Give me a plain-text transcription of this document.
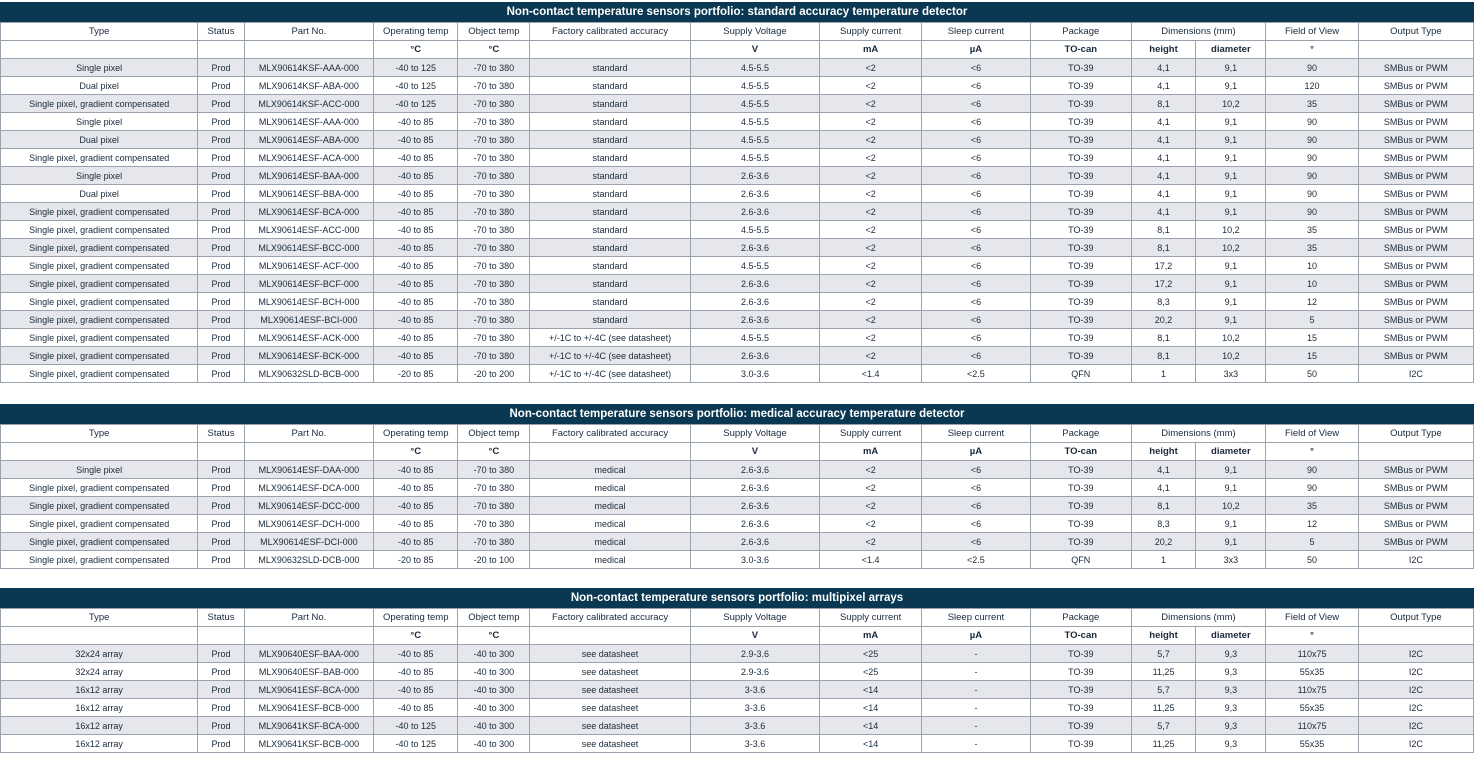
Non-contact temperature sensors portfolio: standard accuracy temperature detector
Type	Status	Part No.	Operating temp	Object temp	Factory calibrated accuracy	Supply Voltage	Supply current	Sleep current	Package	Dimensions (mm)		Field of View	Output Type
			°C	°C		V	mA	µA	TO-can	height	diameter	°	
Single pixel	Prod	MLX90614KSF-AAA-000	-40 to 125	-70 to 380	standard	4.5-5.5	<2	<6	TO-39	4,1	9,1	90	SMBus or PWM
Dual pixel	Prod	MLX90614KSF-ABA-000	-40 to 125	-70 to 380	standard	4.5-5.5	<2	<6	TO-39	4,1	9,1	120	SMBus or PWM
Single pixel, gradient compensated	Prod	MLX90614KSF-ACC-000	-40 to 125	-70 to 380	standard	4.5-5.5	<2	<6	TO-39	8,1	10,2	35	SMBus or PWM
Single pixel	Prod	MLX90614ESF-AAA-000	-40 to 85	-70 to 380	standard	4.5-5.5	<2	<6	TO-39	4,1	9,1	90	SMBus or PWM
Dual pixel	Prod	MLX90614ESF-ABA-000	-40 to 85	-70 to 380	standard	4.5-5.5	<2	<6	TO-39	4,1	9,1	90	SMBus or PWM
Single pixel, gradient compensated	Prod	MLX90614ESF-ACA-000	-40 to 85	-70 to 380	standard	4.5-5.5	<2	<6	TO-39	4,1	9,1	90	SMBus or PWM
Single pixel	Prod	MLX90614ESF-BAA-000	-40 to 85	-70 to 380	standard	2.6-3.6	<2	<6	TO-39	4,1	9,1	90	SMBus or PWM
Dual pixel	Prod	MLX90614ESF-BBA-000	-40 to 85	-70 to 380	standard	2.6-3.6	<2	<6	TO-39	4,1	9,1	90	SMBus or PWM
Single pixel, gradient compensated	Prod	MLX90614ESF-BCA-000	-40 to 85	-70 to 380	standard	2.6-3.6	<2	<6	TO-39	4,1	9,1	90	SMBus or PWM
Single pixel, gradient compensated	Prod	MLX90614ESF-ACC-000	-40 to 85	-70 to 380	standard	4.5-5.5	<2	<6	TO-39	8,1	10,2	35	SMBus or PWM
Single pixel, gradient compensated	Prod	MLX90614ESF-BCC-000	-40 to 85	-70 to 380	standard	2.6-3.6	<2	<6	TO-39	8,1	10,2	35	SMBus or PWM
Single pixel, gradient compensated	Prod	MLX90614ESF-ACF-000	-40 to 85	-70 to 380	standard	4.5-5.5	<2	<6	TO-39	17,2	9,1	10	SMBus or PWM
Single pixel, gradient compensated	Prod	MLX90614ESF-BCF-000	-40 to 85	-70 to 380	standard	2.6-3.6	<2	<6	TO-39	17,2	9,1	10	SMBus or PWM
Single pixel, gradient compensated	Prod	MLX90614ESF-BCH-000	-40 to 85	-70 to 380	standard	2.6-3.6	<2	<6	TO-39	8,3	9,1	12	SMBus or PWM
Single pixel, gradient compensated	Prod	MLX90614ESF-BCI-000	-40 to 85	-70 to 380	standard	2.6-3.6	<2	<6	TO-39	20,2	9,1	5	SMBus or PWM
Single pixel, gradient compensated	Prod	MLX90614ESF-ACK-000	-40 to 85	-70 to 380	+/-1C to +/-4C (see datasheet)	4.5-5.5	<2	<6	TO-39	8,1	10,2	15	SMBus or PWM
Single pixel, gradient compensated	Prod	MLX90614ESF-BCK-000	-40 to 85	-70 to 380	+/-1C to +/-4C (see datasheet)	2.6-3.6	<2	<6	TO-39	8,1	10,2	15	SMBus or PWM
Single pixel, gradient compensated	Prod	MLX90632SLD-BCB-000	-20 to 85	-20 to 200	+/-1C to +/-4C (see datasheet)	3.0-3.6	<1.4	<2.5	QFN	1	3x3	50	I2C
Non-contact temperature sensors portfolio: medical accuracy temperature detector
Type	Status	Part No.	Operating temp	Object temp	Factory calibrated accuracy	Supply Voltage	Supply current	Sleep current	Package	Dimensions (mm)		Field of View	Output Type
			°C	°C		V	mA	µA	TO-can	height	diameter	°	
Single pixel	Prod	MLX90614ESF-DAA-000	-40 to 85	-70 to 380	medical	2.6-3.6	<2	<6	TO-39	4,1	9,1	90	SMBus or PWM
Single pixel, gradient compensated	Prod	MLX90614ESF-DCA-000	-40 to 85	-70 to 380	medical	2.6-3.6	<2	<6	TO-39	4,1	9,1	90	SMBus or PWM
Single pixel, gradient compensated	Prod	MLX90614ESF-DCC-000	-40 to 85	-70 to 380	medical	2.6-3.6	<2	<6	TO-39	8,1	10,2	35	SMBus or PWM
Single pixel, gradient compensated	Prod	MLX90614ESF-DCH-000	-40 to 85	-70 to 380	medical	2.6-3.6	<2	<6	TO-39	8,3	9,1	12	SMBus or PWM
Single pixel, gradient compensated	Prod	MLX90614ESF-DCI-000	-40 to 85	-70 to 380	medical	2.6-3.6	<2	<6	TO-39	20,2	9,1	5	SMBus or PWM
Single pixel, gradient compensated	Prod	MLX90632SLD-DCB-000	-20 to 85	-20 to 100	medical	3.0-3.6	<1.4	<2.5	QFN	1	3x3	50	I2C
Non-contact temperature sensors portfolio: multipixel arrays
Type	Status	Part No.	Operating temp	Object temp	Factory calibrated accuracy	Supply Voltage	Supply current	Sleep current	Package	Dimensions (mm)		Field of View	Output Type
			°C	°C		V	mA	µA	TO-can	height	diameter	°	
32x24 array	Prod	MLX90640ESF-BAA-000	-40 to 85	-40 to 300	see datasheet	2.9-3.6	<25	-	TO-39	5,7	9,3	110x75	I2C
32x24 array	Prod	MLX90640ESF-BAB-000	-40 to 85	-40 to 300	see datasheet	2.9-3.6	<25	-	TO-39	11,25	9,3	55x35	I2C
16x12 array	Prod	MLX90641ESF-BCA-000	-40 to 85	-40 to 300	see datasheet	3-3.6	<14	-	TO-39	5,7	9,3	110x75	I2C
16x12 array	Prod	MLX90641ESF-BCB-000	-40 to 85	-40 to 300	see datasheet	3-3.6	<14	-	TO-39	11,25	9,3	55x35	I2C
16x12 array	Prod	MLX90641KSF-BCA-000	-40 to 125	-40 to 300	see datasheet	3-3.6	<14	-	TO-39	5,7	9,3	110x75	I2C
16x12 array	Prod	MLX90641KSF-BCB-000	-40 to 125	-40 to 300	see datasheet	3-3.6	<14	-	TO-39	11,25	9,3	55x35	I2C
